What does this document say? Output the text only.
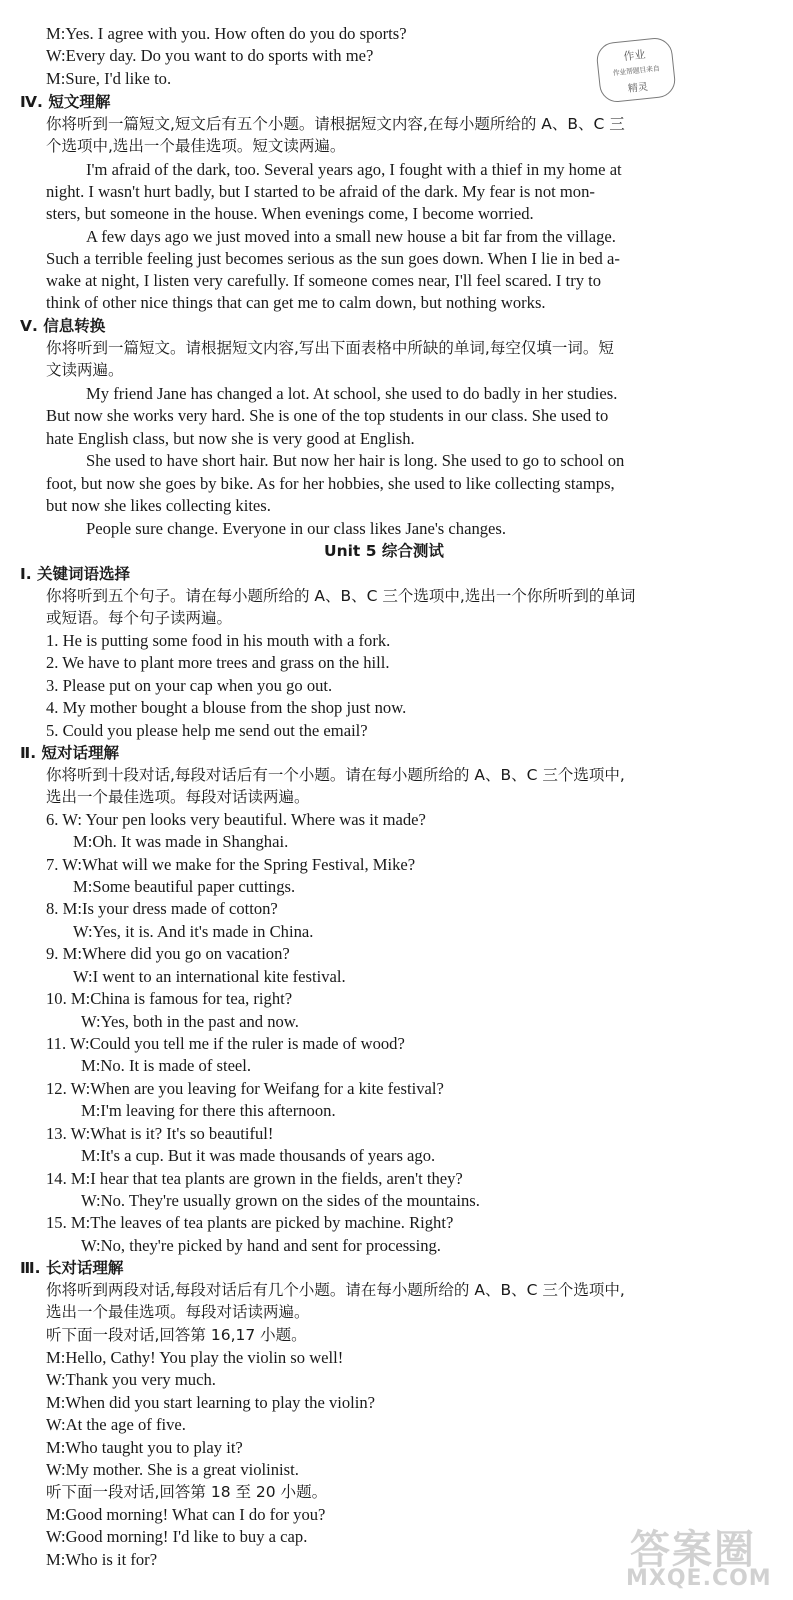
M:Who is it for?
W:Good morning! I'd like to buy a cap.
M:Good morning! What can I do for you?
听下面一段对话,回答第 18 至 20 小题。
W:My mother. She is a great violinist.
M:Who taught you to play it?
W:At the age of five.
M:When did you start learning to play the violin?
W:Thank you very much.
M:Hello, Cathy! You play the violin so well!
听下面一段对话,回答第 16,17 小题。
选出一个最佳选项。每段对话读两遍。
你将听到两段对话,每段对话后有几个小题。请在每小题所给的 A、B、C 三个选项中,
Ⅲ. 长对话理解
W:No, they're picked by hand and sent for processing.
15. M:The leaves of tea plants are picked by machine. Right?
W:No. They're usually grown on the sides of the mountains.
14. M:I hear that tea plants are grown in the fields, aren't they?
M:It's a cup. But it was made thousands of years ago.
13. W:What is it? It's so beautiful!
M:I'm leaving for there this afternoon.
12. W:When are you leaving for Weifang for a kite festival?
M:No. It is made of steel.
11. W:Could you tell me if the ruler is made of wood?
W:Yes, both in the past and now.
10. M:China is famous for tea, right?
W:I went to an international kite festival.
9. M:Where did you go on vacation?
W:Yes, it is. And it's made in China.
8. M:Is your dress made of cotton?
M:Some beautiful paper cuttings.
7. W:What will we make for the Spring Festival, Mike?
M:Oh. It was made in Shanghai.
6. W: Your pen looks very beautiful. Where was it made?
选出一个最佳选项。每段对话读两遍。
你将听到十段对话,每段对话后有一个小题。请在每小题所给的 A、B、C 三个选项中,
Ⅱ. 短对话理解
5. Could you please help me send out the email?
4. My mother bought a blouse from the shop just now.
3. Please put on your cap when you go out.
2. We have to plant more trees and grass on the hill.
1. He is putting some food in his mouth with a fork.
或短语。每个句子读两遍。
你将听到五个句子。请在每小题所给的 A、B、C 三个选项中,选出一个你所听到的单词
Ⅰ. 关键词语选择
Unit 5 综合测试
People sure change. Everyone in our class likes Jane's changes.
but now she likes collecting kites.
foot, but now she goes by bike. As for her hobbies, she used to like collecting stamps,
She used to have short hair. But now her hair is long. She used to go to school on
hate English class, but now she is very good at English.
But now she works very hard. She is one of the top students in our class. She used to
My friend Jane has changed a lot. At school, she used to do badly in her studies.
文读两遍。
你将听到一篇短文。请根据短文内容,写出下面表格中所缺的单词,每空仅填一词。短
Ⅴ. 信息转换
think of other nice things that can get me to calm down, but nothing works.
wake at night, I listen very carefully. If someone comes near, I'll feel scared. I try to
Such a terrible feeling just becomes serious as the sun goes down. When I lie in bed a-
A few days ago we just moved into a small new house a bit far from the village.
sters, but someone in the house. When evenings come, I become worried.
night. I wasn't hurt badly, but I started to be afraid of the dark. My fear is not mon-
I'm afraid of the dark, too. Several years ago, I fought with a thief in my home at
个选项中,选出一个最佳选项。短文读两遍。
你将听到一篇短文,短文后有五个小题。请根据短文内容,在每小题所给的 A、B、C 三
Ⅳ. 短文理解
M:Sure, I'd like to.
W:Every day. Do you want to do sports with me?
M:Yes. I agree with you. How often do you do sports?
作业
作业帮题目来自
精灵
答案圈
MXQE.COM
